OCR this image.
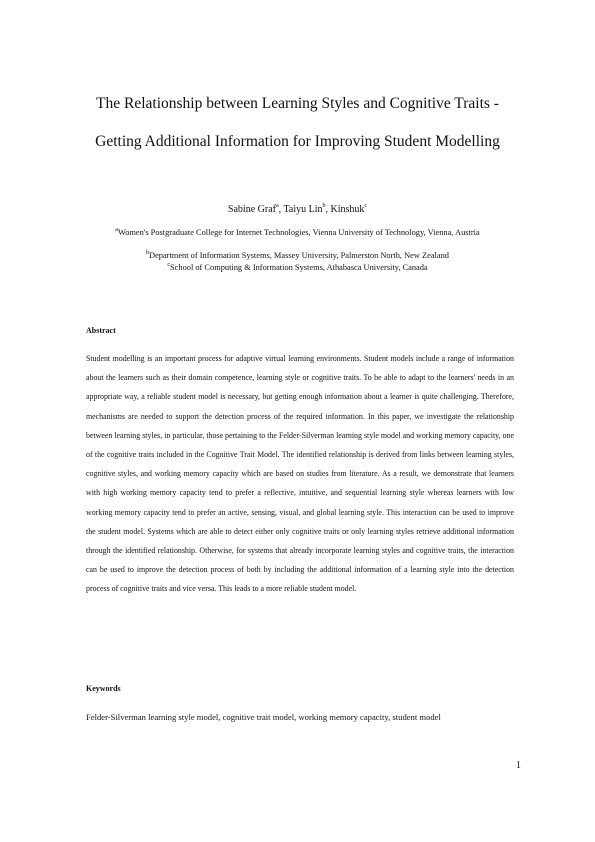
The Relationship between Learning Styles and Cognitive Traits -
Getting Additional Information for Improving Student Modelling
Sabine Graf$^a$, Taiyu Lin$^b$, Kinshuk$^c$
$^a$Women's Postgraduate College for Internet Technologies, Vienna University of Technology, Vienna, Austria
$^b$Department of Information Systems, Massey University, Palmerston North, New Zealand
$^c$School of Computing & Information Systems, Athabasca University, Canada
Abstract

Student modelling is an important process for adaptive virtual learning environments. Student models include a range of information about the learners such as their domain competence, learning style or cognitive traits. To be able to adapt to the learners' needs in an appropriate way, a reliable student model is necessary, but getting enough information about a learner is quite challenging. Therefore, mechanisms are needed to support the detection process of the required information. In this paper, we investigate the relationship between learning styles, in particular, those pertaining to the Felder-Silverman learning style model and working memory capacity, one of the cognitive traits included in the Cognitive Trait Model. The identified relationship is derived from links between learning styles, cognitive styles, and working memory capacity which are based on studies from literature. As a result, we demonstrate that learners with high working memory capacity tend to prefer a reflective, intuitive, and sequential learning style whereas learners with low working memory capacity tend to prefer an active, sensing, visual, and global learning style. This interaction can be used to improve the student model. Systems which are able to detect either only cognitive traits or only learning styles retrieve additional information through the identified relationship. Otherwise, for systems that already incorporate learning styles and cognitive traits, the interaction can be used to improve the detection process of both by including the additional information of a learning style into the detection process of cognitive traits and vice versa. This leads to a more reliable student model.

Keywords
Felder-Silverman learning style model, cognitive trait model, working memory capacity, student model
1
